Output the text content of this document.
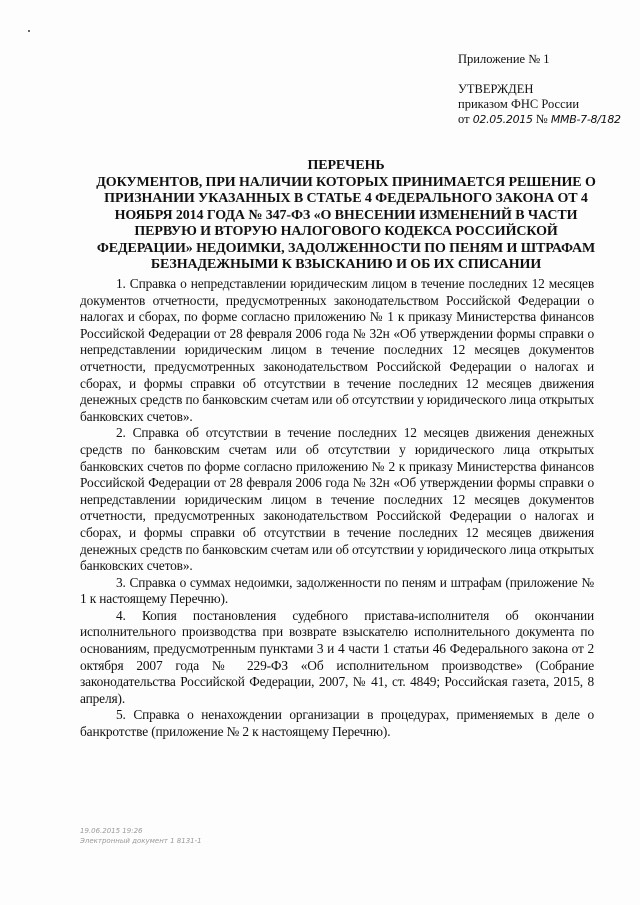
Приложение № 1
УТВЕРЖДЕН
приказом ФНС России
от 02.05.2015 № ММВ-7-8/182
ПЕРЕЧЕНЬ
ДОКУМЕНТОВ, ПРИ НАЛИЧИИ КОТОРЫХ ПРИНИМАЕТСЯ РЕШЕНИЕ О ПРИЗНАНИИ УКАЗАННЫХ В СТАТЬЕ 4 ФЕДЕРАЛЬНОГО ЗАКОНА ОТ 4 НОЯБРЯ 2014 ГОДА № 347-ФЗ «О ВНЕСЕНИИ ИЗМЕНЕНИЙ В ЧАСТИ ПЕРВУЮ И ВТОРУЮ НАЛОГОВОГО КОДЕКСА РОССИЙСКОЙ ФЕДЕРАЦИИ» НЕДОИМКИ, ЗАДОЛЖЕННОСТИ ПО ПЕНЯМ И ШТРАФАМ БЕЗНАДЕЖНЫМИ К ВЗЫСКАНИЮ И ОБ ИХ СПИСАНИИ

1. Справка о непредставлении юридическим лицом в течение последних 12 месяцев документов отчетности, предусмотренных законодательством Российской Федерации о налогах и сборах, по форме согласно приложению № 1 к приказу Министерства финансов Российской Федерации от 28 февраля 2006 года № 32н «Об утверждении формы справки о непредставлении юридическим лицом в течение последних 12 месяцев документов отчетности, предусмотренных законодательством Российской Федерации о налогах и сборах, и формы справки об отсутствии в течение последних 12 месяцев движения денежных средств по банковским счетам или об отсутствии у юридического лица открытых банковских счетов».

2. Справка об отсутствии в течение последних 12 месяцев движения денежных средств по банковским счетам или об отсутствии у юридического лица открытых банковских счетов по форме согласно приложению № 2 к приказу Министерства финансов Российской Федерации от 28 февраля 2006 года № 32н «Об утверждении формы справки о непредставлении юридическим лицом в течение последних 12 месяцев документов отчетности, предусмотренных законодательством Российской Федерации о налогах и сборах, и формы справки об отсутствии в течение последних 12 месяцев движения денежных средств по банковским счетам или об отсутствии у юридического лица открытых банковских счетов».

3. Справка о суммах недоимки, задолженности по пеням и штрафам (приложение № 1 к настоящему Перечню).

4. Копия постановления судебного пристава-исполнителя об окончании исполнительного производства при возврате взыскателю исполнительного документа по основаниям, предусмотренным пунктами 3 и 4 части 1 статьи 46 Федерального закона от 2 октября 2007 года № 229-ФЗ «Об исполнительном производстве» (Собрание законодательства Российской Федерации, 2007, № 41, ст. 4849; Российская газета, 2015, 8 апреля).

5. Справка о ненахождении организации в процедурах, применяемых в деле о банкротстве (приложение № 2 к настоящему Перечню).

19.06.2015 19:26
Электронный документ 1 8131-1
